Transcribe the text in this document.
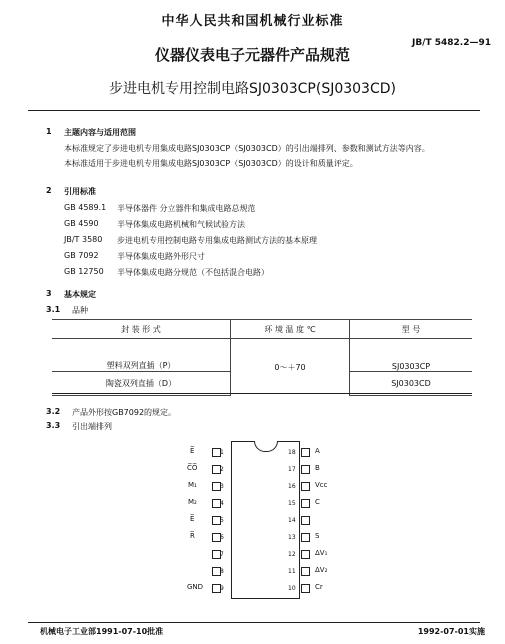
中华人民共和国机械行业标准
JB/T 5482.2—91
仪器仪表电子元器件产品规范
步进电机专用控制电路SJ0303CP(SJ0303CD)
1 主题内容与适用范围
本标准规定了步进电机专用集成电路SJ0303CP（SJ0303CD）的引出端排列、参数和测试方法等内容。
本标准适用于步进电机专用集成电路SJ0303CP（SJ0303CD）的设计和质量评定。
2 引用标准
GB 4589.1 半导体器件 分立器件和集成电路总规范
GB 4590 半导体集成电路机械和气候试验方法
JB/T 3580 步进电机专用控制电路专用集成电路测试方法的基本原理
GB 7092 半导体集成电路外形尺寸
GB 12750 半导体集成电路分规范（不包括混合电路）
3 基本规定
3.1 品种
封 装 形 式	环 境 温 度 ℃	型 号
塑料双列直插（P）	0～＋70	SJ0303CP
陶瓷双列直插（D）		SJ0303CD
3.2 产品外形按GB7092的规定。
3.3 引出端排列
1
E̅
2
C̅O̅
3
M₁
4
M₂
5
E̅
6
R̅
7
8
9
GND
18	A
17	B
16	Vcc
15	C
14
13	S
12	ΔV₁
11	ΔV₂
10	Cr
机械电子工业部1991-07-10批准	1992-07-01实施
